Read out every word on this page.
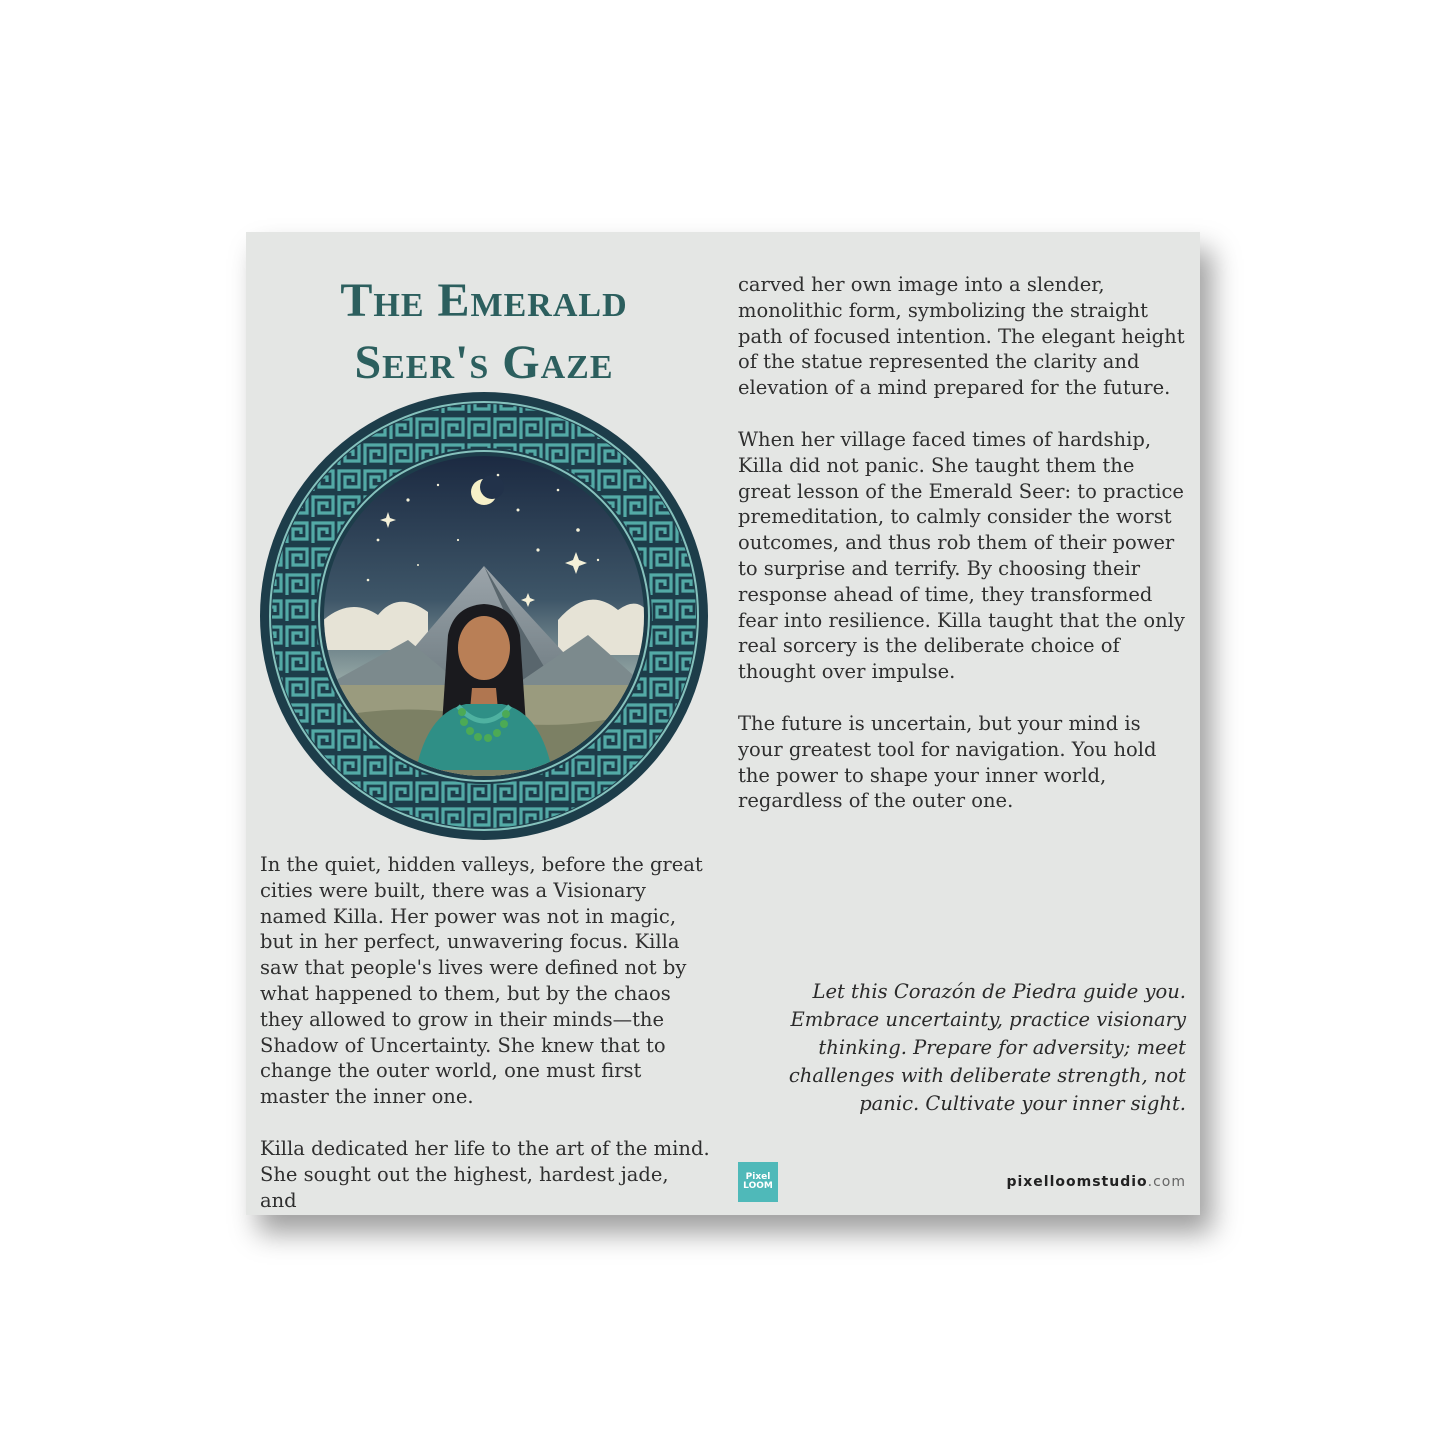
The Emerald
Seer's Gaze

In the quiet, hidden valleys, before the great cities were built, there was a Visionary named Killa. Her power was not in magic, but in her perfect, unwavering focus. Killa saw that people's lives were defined not by what happened to them, but by the chaos they allowed to grow in their minds—the Shadow of Uncertainty. She knew that to change the outer world, one must first master the inner one.

Killa dedicated her life to the art of the mind. She sought out the highest, hardest jade, and

carved her own image into a slender, monolithic form, symbolizing the straight path of focused intention. The elegant height of the statue represented the clarity and elevation of a mind prepared for the future.

When her village faced times of hardship, Killa did not panic. She taught them the great lesson of the Emerald Seer: to practice premeditation, to calmly consider the worst outcomes, and thus rob them of their power to surprise and terrify. By choosing their response ahead of time, they transformed fear into resilience. Killa taught that the only real sorcery is the deliberate choice of thought over impulse.

The future is uncertain, but your mind is your greatest tool for navigation. You hold the power to shape your inner world, regardless of the outer one.

Let this Corazón de Piedra guide you. Embrace uncertainty, practice visionary thinking. Prepare for adversity; meet challenges with deliberate strength, not panic. Cultivate your inner sight.

Pixel
LOOM	pixelloomstudio.com
